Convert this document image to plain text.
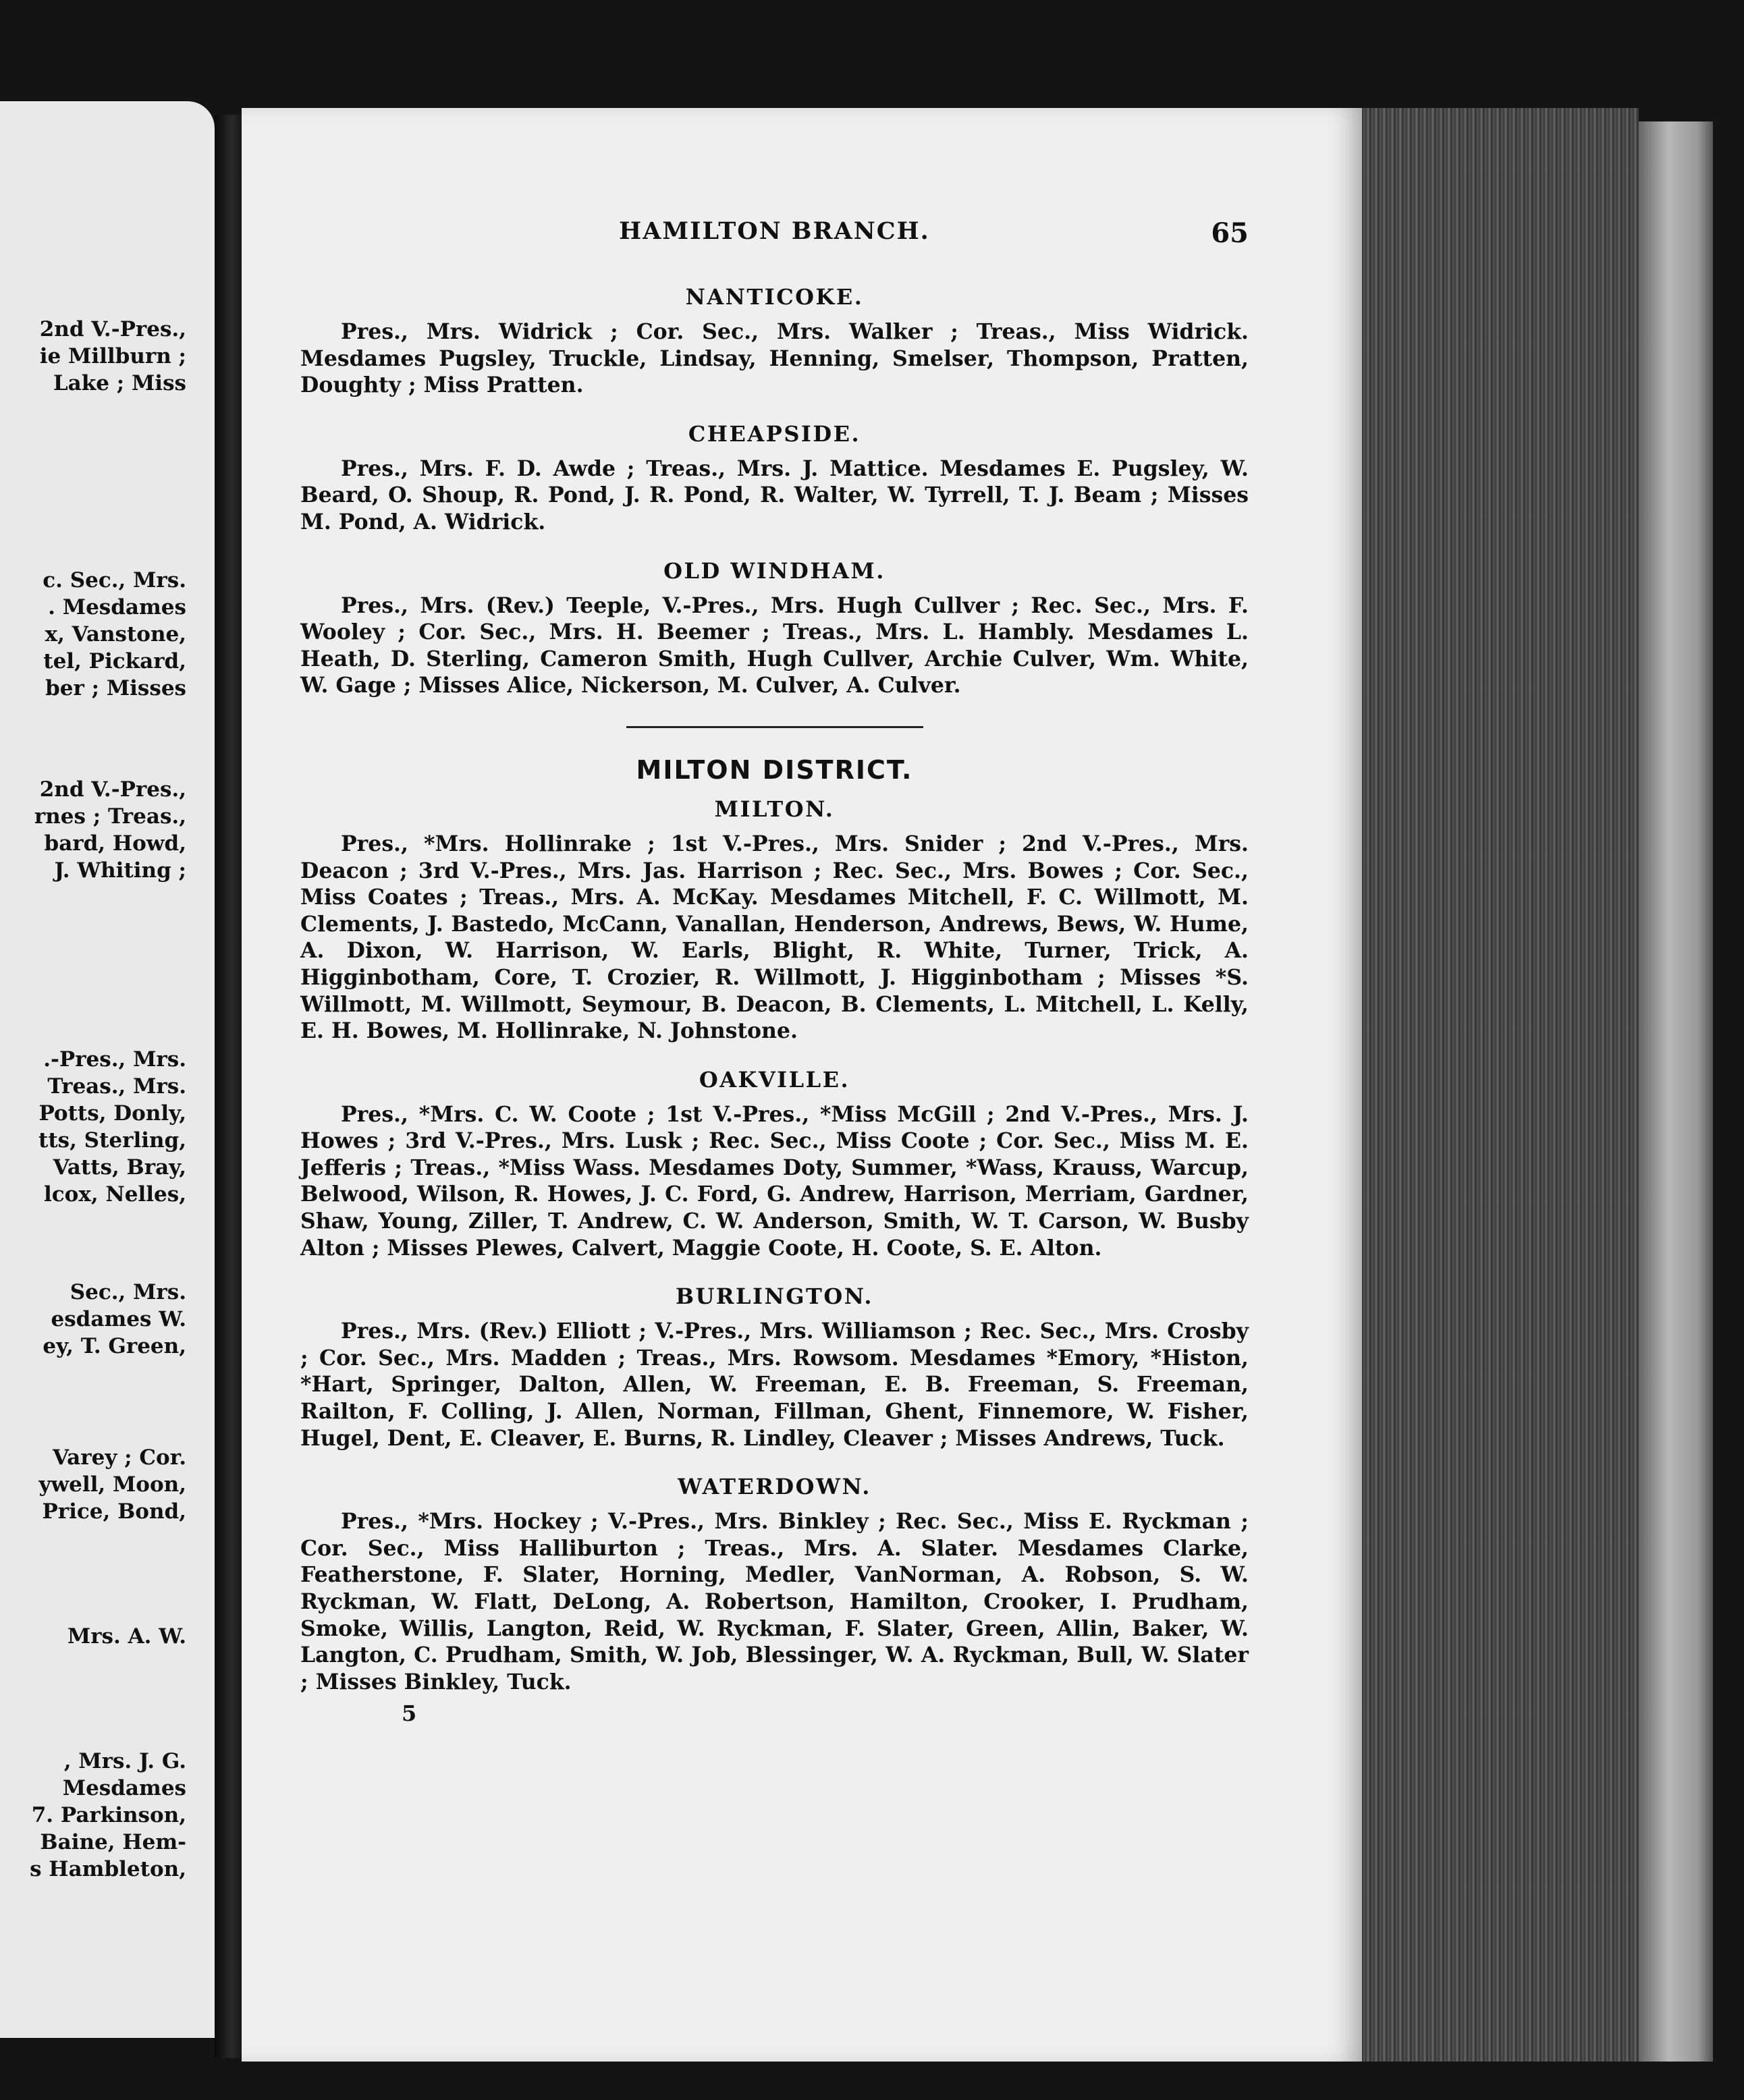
2nd V.-Pres.,
ie Millburn ;
Lake ; Miss
c. Sec., Mrs.
. Mesdames
x, Vanstone,
tel, Pickard,
ber ; Misses
2nd V.-Pres.,
rnes ; Treas.,
bard, Howd,
J. Whiting ;
.-Pres., Mrs.
Treas., Mrs.
Potts, Donly,
tts, Sterling,
Vatts, Bray,
lcox, Nelles,
Sec., Mrs.
esdames W.
ey, T. Green,
Varey ; Cor.
ywell, Moon,
Price, Bond,
Mrs. A. W.
, Mrs. J. G.
Mesdames
7. Parkinson,
Baine, Hem-
s Hambleton,
HAMILTON BRANCH.	65
NANTICOKE.

Pres., Mrs. Widrick ; Cor. Sec., Mrs. Walker ; Treas., Miss Widrick. Mesdames Pugsley, Truckle, Lindsay, Henning, Smelser, Thompson, Pratten, Doughty ; Miss Pratten.

CHEAPSIDE.

Pres., Mrs. F. D. Awde ; Treas., Mrs. J. Mattice. Mesdames E. Pugsley, W. Beard, O. Shoup, R. Pond, J. R. Pond, R. Walter, W. Tyrrell, T. J. Beam ; Misses M. Pond, A. Widrick.

OLD WINDHAM.

Pres., Mrs. (Rev.) Teeple, V.-Pres., Mrs. Hugh Cullver ; Rec. Sec., Mrs. F. Wooley ; Cor. Sec., Mrs. H. Beemer ; Treas., Mrs. L. Hambly. Mesdames L. Heath, D. Sterling, Cameron Smith, Hugh Cullver, Archie Culver, Wm. White, W. Gage ; Misses Alice, Nickerson, M. Culver, A. Culver.

MILTON DISTRICT.
MILTON.

Pres., *Mrs. Hollinrake ; 1st V.-Pres., Mrs. Snider ; 2nd V.-Pres., Mrs. Deacon ; 3rd V.-Pres., Mrs. Jas. Harrison ; Rec. Sec., Mrs. Bowes ; Cor. Sec., Miss Coates ; Treas., Mrs. A. McKay. Mesdames Mitchell, F. C. Willmott, M. Clements, J. Bastedo, McCann, Vanallan, Henderson, Andrews, Bews, W. Hume, A. Dixon, W. Harrison, W. Earls, Blight, R. White, Turner, Trick, A. Higginbotham, Core, T. Crozier, R. Willmott, J. Higginbotham ; Misses *S. Willmott, M. Willmott, Seymour, B. Deacon, B. Clements, L. Mitchell, L. Kelly, E. H. Bowes, M. Hollinrake, N. Johnstone.

OAKVILLE.

Pres., *Mrs. C. W. Coote ; 1st V.-Pres., *Miss McGill ; 2nd V.-Pres., Mrs. J. Howes ; 3rd V.-Pres., Mrs. Lusk ; Rec. Sec., Miss Coote ; Cor. Sec., Miss M. E. Jefferis ; Treas., *Miss Wass. Mesdames Doty, Summer, *Wass, Krauss, Warcup, Belwood, Wilson, R. Howes, J. C. Ford, G. Andrew, Harrison, Merriam, Gardner, Shaw, Young, Ziller, T. Andrew, C. W. Anderson, Smith, W. T. Carson, W. Busby Alton ; Misses Plewes, Calvert, Maggie Coote, H. Coote, S. E. Alton.

BURLINGTON.

Pres., Mrs. (Rev.) Elliott ; V.-Pres., Mrs. Williamson ; Rec. Sec., Mrs. Crosby ; Cor. Sec., Mrs. Madden ; Treas., Mrs. Rowsom. Mesdames *Emory, *Histon, *Hart, Springer, Dalton, Allen, W. Freeman, E. B. Freeman, S. Freeman, Railton, F. Colling, J. Allen, Norman, Fillman, Ghent, Finnemore, W. Fisher, Hugel, Dent, E. Cleaver, E. Burns, R. Lindley, Cleaver ; Misses Andrews, Tuck.

WATERDOWN.

Pres., *Mrs. Hockey ; V.-Pres., Mrs. Binkley ; Rec. Sec., Miss E. Ryckman ; Cor. Sec., Miss Halliburton ; Treas., Mrs. A. Slater. Mesdames Clarke, Featherstone, F. Slater, Horning, Medler, VanNorman, A. Robson, S. W. Ryckman, W. Flatt, DeLong, A. Robertson, Hamilton, Crooker, I. Prudham, Smoke, Willis, Langton, Reid, W. Ryckman, F. Slater, Green, Allin, Baker, W. Langton, C. Prudham, Smith, W. Job, Blessinger, W. A. Ryckman, Bull, W. Slater ; Misses Binkley, Tuck.

5
